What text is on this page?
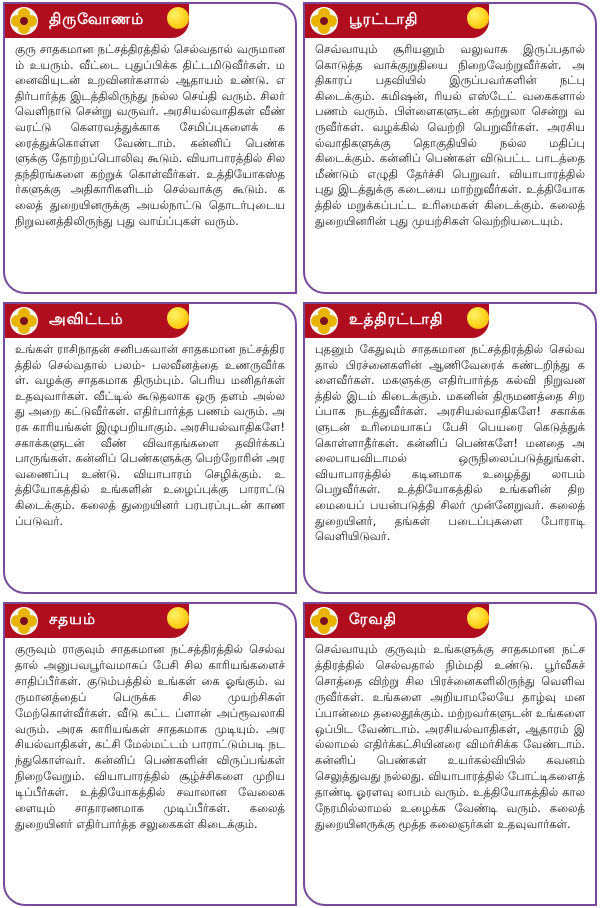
திருவோணம்

குரு சாதகமான நட்சத்திரத்தில் செல்வதால் வருமானம் உயரும். வீட்டை புதுப்பிக்க திட்டமிடுவீர்கள். மனைவியுடன் உறவினர்களால் ஆதாயம் உண்டு. எதிர்பார்த்த இடத்திலிருந்து நல்ல செய்தி வரும். சிலர் வெளிநாடு சென்று வருவர். அரசியல்வாதிகள் வீண் வரட்டு கௌரவத்துக்காக சேமிப்புகளைக் கரைத்துக்கொள்ள வேண்டாம். கன்னிப் பெண்களுக்கு தோற்றப்பொலிவு கூடும். வியாபாரத்தில் சில தந்திரங்களை கற்றுக் கொள்வீர்கள். உத்தியோகஸ்தர்களுக்கு அதிகாரிகளிடம் செல்வாக்கு கூடும். கலைத் துறையினருக்கு அயல்நாட்டு தொடர்புடைய நிறுவனத்திலிருந்து புது வாய்ப்புகள் வரும்.

பூரட்டாதி

செவ்வாயும் சூரியனும் வலுவாக இருப்பதால் கொடுத்த வாக்குறுதியை நிறைவேற்றுவீர்கள். அதிகாரப் பதவியில் இருப்பவர்களின் நட்பு கிடைக்கும். கமிஷன், ரியல் எஸ்டேட் வகைகளால் பணம் வரும். பிள்ளைகளுடன் சுற்றுலா சென்று வருவீர்கள். வழக்கில் வெற்றி பெறுவீர்கள். அரசியல்வாதிகளுக்கு தொகுதியில் நல்ல மதிப்பு கிடைக்கும். கன்னிப் பெண்கள் விடுபட்ட பாடத்தை மீண்டும் எழுதி தேர்ச்சி பெறுவர். வியாபாரத்தில் புது இடத்துக்கு கடையை மாற்றுவீர்கள். உத்தியோகத்தில் மறுக்கப்பட்ட உரிமைகள் கிடைக்கும். கலைத் துறையினரின் புது முயற்சிகள் வெற்றியடையும்.

அவிட்டம்

உங்கள் ராசிநாதன் சனிபகவான் சாதகமான நட்சத்திரத்தில் செல்வதால் பலம்- பலவீனத்தை உணருவீர்கள். வழக்கு சாதகமாக திரும்பும். பெரிய மனிதர்கள் உதவுவார்கள். வீட்டில் கூடுதலாக ஒரு தளம் அல்லது அறை கட்டுவீர்கள். எதிர்பார்த்த பணம் வரும். அரசு காரியங்கள் இழுபறியாகும். அரசியல்வாதிகளே! சகாக்களுடன் வீண் விவாதங்களை தவிர்க்கப் பாருங்கள். கன்னிப் பெண்களுக்கு பெற்றோரின் அரவணைப்பு உண்டு. வியாபாரம் செழிக்கும். உத்தியோகத்தில் உங்களின் உழைப்புக்கு பாராட்டு கிடைக்கும். கலைத் துறையினர் பரபரப்புடன் காணப்படுவர்.

உத்திரட்டாதி

புதனும் கேதுவும் சாதகமான நட்சத்திரத்தில் செல்வதால் பிரச்னைகளின் ஆணிவேரைக் கண்டறிந்து களைவீர்கள். மகளுக்கு எதிர்பார்த்த கல்வி நிறுவனத்தில் இடம் கிடைக்கும். மகனின் திருமணத்தை சிறப்பாக நடத்துவீர்கள். அரசியல்வாதிகளே! சகாக்களுடன் உரிமையாகப் பேசி பெயரை கெடுத்துக் கொள்ளாதீர்கள். கன்னிப் பெண்களே! மனதை அலைபாயவிடாமல் ஒருநிலைப்படுத்துங்கள். வியாபாரத்தில் கடினமாக உழைத்து லாபம் பெறுவீர்கள். உத்தியோகத்தில் உங்களின் திறமையைப் பயன்படுத்தி சிலர் முன்னேறுவர். கலைத் துறையினர், தங்கள் படைப்புகளை போராடி வெளியிடுவர்.

சதயம்

குருவும் ராகுவும் சாதகமான நட்சத்திரத்தில் செல்வதால் அனுபவபூர்வமாகப் பேசி சில காரியங்களைச் சாதிப்பீர்கள். குடும்பத்தில் உங்கள் கை ஓங்கும். வருமானத்தைப் பெருக்க சில முயற்சிகள் மேற்கொள்வீர்கள். வீடு கட்ட ப்ளான் அப்ரூவலாகி வரும். அரசு காரியங்கள் சாதகமாக முடியும். அரசியல்வாதிகள், கட்சி மேல்மட்டம் பாராட்டும்படி நடந்துகொள்வர். கன்னிப் பெண்களின் விருப்பங்கள் நிறைவேறும். வியாபாரத்தில் சூழ்ச்சிகளை முறியடிப்பீர்கள். உத்தியோகத்தில் சவாலான வேலைகளையும் சாதாரணமாக முடிப்பீர்கள். கலைத் துறையினர் எதிர்பார்த்த சலுகைகள் கிடைக்கும்.

ரேவதி

செவ்வாயும் குருவும் உங்களுக்கு சாதகமான நட்சத்திரத்தில் செல்வதால் நிம்மதி உண்டு. பூர்வீகச் சொத்தை விற்று சில பிரச்னைகளிலிருந்து வெளிவருவீர்கள். உங்களை அறியாமலேயே தாழ்வு மனப்பான்மை தலைதூக்கும். மற்றவர்களுடன் உங்களை ஒப்பிட வேண்டாம். அரசியல்வாதிகள், ஆதாரம் இல்லாமல் எதிர்க்கட்சியினரை விமர்சிக்க வேண்டாம். கன்னிப் பெண்கள் உயர்கல்வியில் கவனம் செலுத்துவது நல்லது. வியாபாரத்தில் போட்டிகளைத் தாண்டி ஓரளவு லாபம் வரும். உத்தியோகத்தில் காலநேரமில்லாமல் உழைக்க வேண்டி வரும். கலைத் துறையினருக்கு மூத்த கலைஞர்கள் உதவுவார்கள்.
